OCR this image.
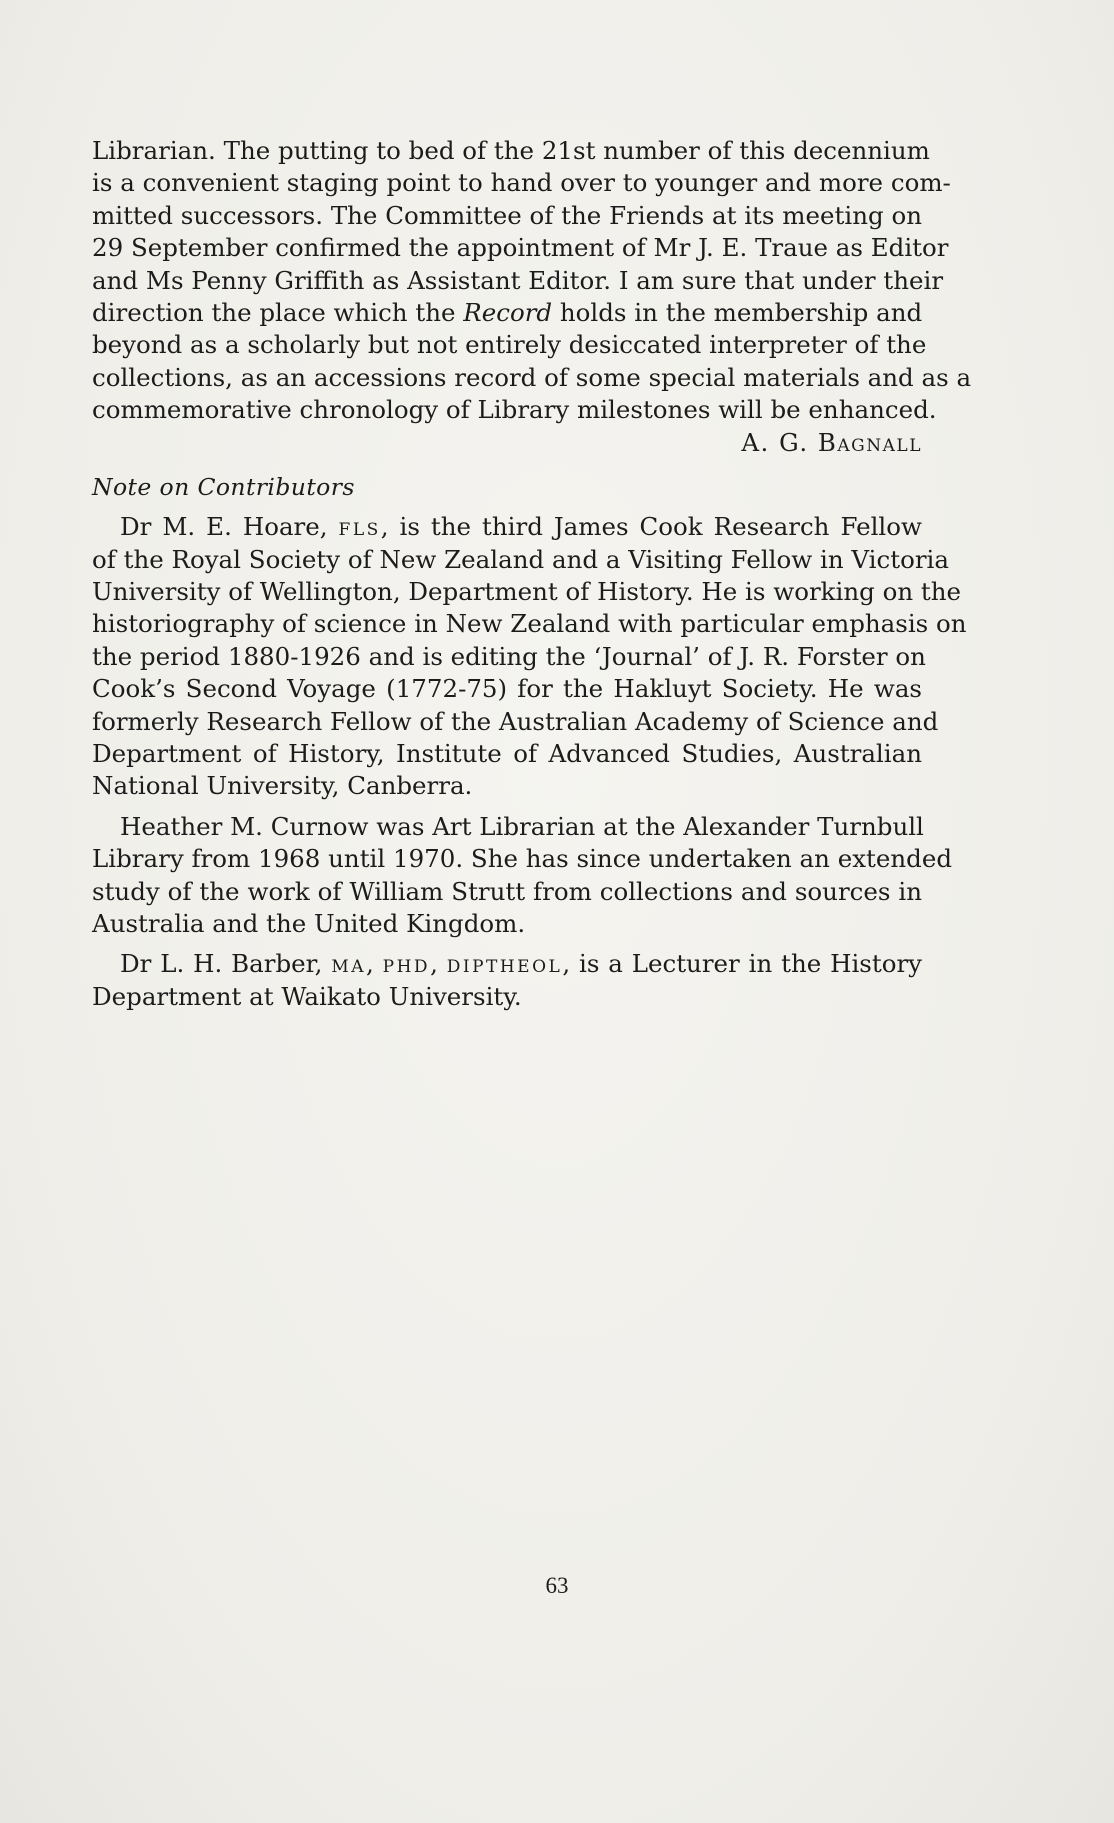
Librarian. The putting to bed of the 21st number of this decennium
is a convenient staging point to hand over to younger and more com-
mitted successors. The Committee of the Friends at its meeting on
29 September confirmed the appointment of Mr J. E. Traue as Editor
and Ms Penny Griffith as Assistant Editor. I am sure that under their
direction the place which the Record holds in the membership and
beyond as a scholarly but not entirely desiccated interpreter of the
collections, as an accessions record of some special materials and as a
commemorative chronology of Library milestones will be enhanced.
A. G. Bagnall
Note on Contributors
Dr M. E. Hoare, FLS, is the third James Cook Research Fellow
of the Royal Society of New Zealand and a Visiting Fellow in Victoria
University of Wellington, Department of History. He is working on the
historiography of science in New Zealand with particular emphasis on
the period 1880-1926 and is editing the ‘Journal’ of J. R. Forster on
Cook’s Second Voyage (1772-75) for the Hakluyt Society. He was
formerly Research Fellow of the Australian Academy of Science and
Department of History, Institute of Advanced Studies, Australian
National University, Canberra.
Heather M. Curnow was Art Librarian at the Alexander Turnbull
Library from 1968 until 1970. She has since undertaken an extended
study of the work of William Strutt from collections and sources in
Australia and the United Kingdom.
Dr L. H. Barber, MA, PHD, DIPTHEOL, is a Lecturer in the History
Department at Waikato University.
63
